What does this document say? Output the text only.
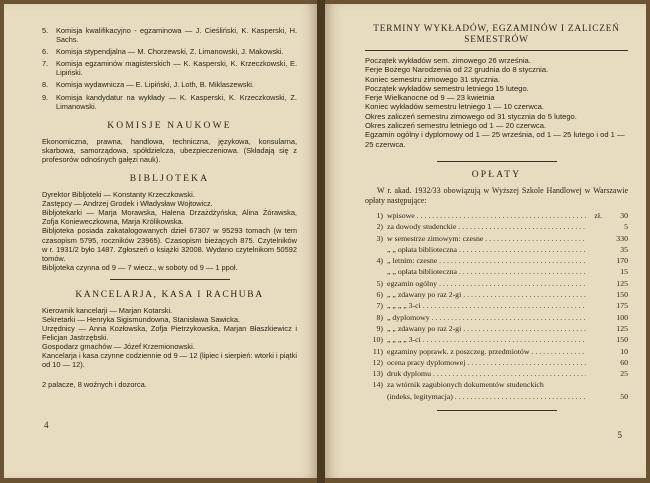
5.	Komisja kwalifikacyjno - egzaminowa — J. Cieśliński, K. Kasperski, H. Sachs.
6.	Komisja stypendjalna — M. Chorzewski, Z. Limanowski, J. Makowski.
7.	Komisja egzaminów magisterskich — K. Kasperski, K. Krzeczkowski, E. Lipiński.
8.	Komisja wydawnicza — E. Lipiński, J. Loth, B. Miklaszewski.
9.	Komisja kandydatur na wykłady — K. Kasperski, K. Krzeczkowski, Z. Limanowski.
KOMISJE NAUKOWE
Ekonomiczna, prawna, handlowa, techniczna, językowa, konsularna, skarbowa, samorządowa, spółdzielcza, ubezpieczeniowa. (Składają się z profesorów odnośnych gałęzi nauk).
BIBLJOTEKA
Dyrektor Bibljoteki — Konstanty Krzeczkowski.
Zastępcy — Andrzej Grodek i Władysław Wojtowicz.
Bibljotekarki — Marja Morawska, Halena Drzażdżyńska, Alina Żórawska, Zofja Konieweczkowna, Marja Królikowska.
Bibljoteka posiada zakatalogowanych dzieł 67307 w 95293 tomach (w tem czasopism 5795, roczników 23965). Czasopism bieżących 875. Czytelników w r. 1931/2 było 1487. Zgłoszeń o książki 32008. Wydano czytelnikom 50592 tomów.
Bibljoteka czynna od 9 — 7 wiecz., w soboty od 9 — 1 ppoł.
KANCELARJA, KASA I RACHUBA
Kierownik kancelarji — Marjan Kotarski.
Sekretarki — Henryka Sigismundowna, Stanisława Sawicka.
Urzędnicy — Anna Kozłowska, Zofja Pietrzykowska, Marjan Błaszkiewicz i Felicjan Jastrzębski.
Gospodarz gmachów — Józef Krzemionowski.
Kancelarja i kasa czynne codziennie od 9 — 12 (lipiec i sierpień: wtorki i piątki od 10 — 12).
2 palacze, 8 woźnych i dozorca.
4
TERMINY WYKŁADÓW, EGZAMINÓW I ZALICZEŃ SEMESTRÓW
Początek wykładów sem. zimowego 26 września.
Ferje Bożego Narodzenia od 22 grudnia do 8 stycznia.
Koniec semestru zimowego 31 stycznia.
Początek wykładów semestru letniego 15 lutego.
Ferje Wielkanocne od 9 — 23 kwietnia
Koniec wykładów semestru letniego 1 — 10 czerwca.
Okres zaliczeń semestru zimowego od 31 stycznia do 5 lutego.
Okres zaliczeń semestru letniego od 1 — 20 czerwca.
Egzamin ogólny i dyplomowy od 1 — 25 września, od 1 — 25 lutego i od 1 — 25 czerwca.
OPŁATY
W r. akad. 1932/33 obowiązują w Wyższej Szkole Handlowej w Warszawie opłaty następujące:
1) wpisowe . . .	zł.	30
2) za dowody studenckie . . .	5
3) w semestrze zimowym: czesne . . .	330
„ „ opłata biblioteczna . . .	35
4) „ letnim: czesne . . .	170
„ „ opłata biblioteczna . . .	15
5) egzamin ogólny . . .	125
6) „ „ zdawany po raz 2-gi . . .	150
7) „ „ „ „ 3-ci . . .	175
8) „ dyplomowy . . .	100
9) „ „ zdawany po raz 2-gi . . .	125
10) „ „ „ „ 3-ci . . .	150
11) egzaminy poprawk. z poszczeg. przedmiotów . . .	10
12) ocena pracy dyplomowej . . .	60
13) druk dyplomu . . .	25
14) za wtórnik zagubionych dokumentów studenckich
(indeks, legitymacja) . . .	50
5
